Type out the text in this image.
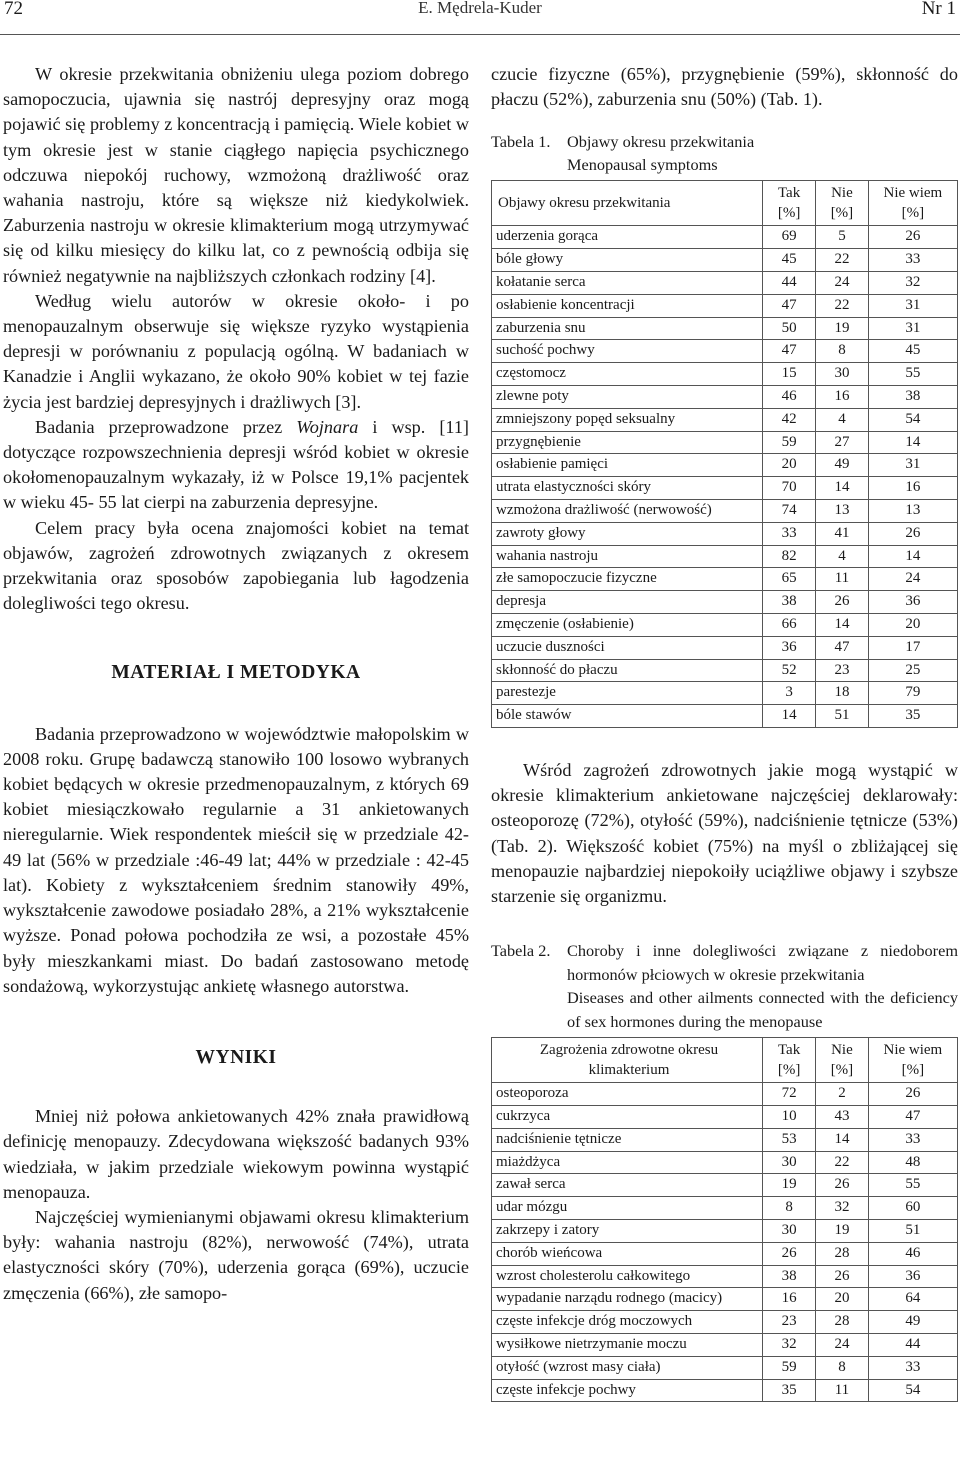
72	E. Mędrela-Kuder	Nr 1

W okresie przekwitania obniżeniu ulega poziom dobrego samopoczucia, ujawnia się nastrój depresyjny oraz mogą pojawić się problemy z koncentracją i pamięcią. Wiele kobiet w tym okresie jest w stanie ciągłego napięcia psychicznego odczuwa niepokój ruchowy, wzmożoną drażliwość oraz wahania nastroju, które są większe niż kiedykolwiek. Zaburzenia nastroju w okresie klimakterium mogą utrzymywać się od kilku miesięcy do kilku lat, co z pewnością odbija się również negatywnie na najbliższych członkach rodziny [4].

Według wielu autorów w okresie około- i po menopauzalnym obserwuje się większe ryzyko wystąpienia depresji w porównaniu z populacją ogólną. W badaniach w Kanadzie i Anglii wykazano, że około 90% kobiet w tej fazie życia jest bardziej depresyjnych i drażliwych [3].

Badania przeprowadzone przez Wojnara i wsp. [11] dotyczące rozpowszechnienia depresji wśród kobiet w okresie okołomenopauzalnym wykazały, iż w Polsce 19,1% pacjentek w wieku 45- 55 lat cierpi na zaburzenia depresyjne.

Celem pracy była ocena znajomości kobiet na temat objawów, zagrożeń zdrowotnych związanych z okresem przekwitania oraz sposobów zapobiegania lub łagodzenia dolegliwości tego okresu.

MATERIAŁ I METODYKA

Badania przeprowadzono w województwie małopolskim w 2008 roku. Grupę badawczą stanowiło 100 losowo wybranych kobiet będących w okresie przedmenopauzalnym, z których 69 kobiet miesiączkowało regularnie a 31 ankietowanych nieregularnie. Wiek respondentek mieścił się w przedziale 42- 49 lat (56% w przedziale :46-49 lat; 44% w przedziale : 42-45 lat). Kobiety z wykształceniem średnim stanowiły 49%, wykształcenie zawodowe posiadało 28%, a 21% wykształcenie wyższe. Ponad połowa pochodziła ze wsi, a pozostałe 45% były mieszkankami miast. Do badań zastosowano metodę sondażową, wykorzystując ankietę własnego autorstwa.

WYNIKI

Mniej niż połowa ankietowanych 42% znała prawidłową definicję menopauzy. Zdecydowana większość badanych 93% wiedziała, w jakim przedziale wiekowym powinna wystąpić menopauza.

Najczęściej wymienianymi objawami okresu klimakterium były: wahania nastroju (82%), nerwowość (74%), utrata elastyczności skóry (70%), uderzenia gorąca (69%), uczucie zmęczenia (66%), złe samopo-

czucie fizyczne (65%), przygnębienie (59%), skłonność do płaczu (52%), zaburzenia snu (50%) (Tab. 1).

Tabela 1. Objawy okresu przekwitania
Menopausal symptoms
Objawy okresu przekwitania	Tak [%]	Nie [%]	Nie wiem [%]
uderzenia gorąca	69	5	26
bóle głowy	45	22	33
kołatanie serca	44	24	32
osłabienie koncentracji	47	22	31
zaburzenia snu	50	19	31
suchość pochwy	47	8	45
częstomocz	15	30	55
zlewne poty	46	16	38
zmniejszony popęd seksualny	42	4	54
przygnębienie	59	27	14
osłabienie pamięci	20	49	31
utrata elastyczności skóry	70	14	16
wzmożona drażliwość (nerwowość)	74	13	13
zawroty głowy	33	41	26
wahania nastroju	82	4	14
złe samopoczucie fizyczne	65	11	24
depresja	38	26	36
zmęczenie (osłabienie)	66	14	20
uczucie duszności	36	47	17
skłonność do płaczu	52	23	25
parestezje	3	18	79
bóle stawów	14	51	35

Wśród zagrożeń zdrowotnych jakie mogą wystąpić w okresie klimakterium ankietowane najczęściej deklarowały: osteoporozę (72%), otyłość (59%), nadciśnienie tętnicze (53%) (Tab. 2). Większość kobiet (75%) na myśl o zbliżającej się menopauzie najbardziej niepokoiły uciążliwe objawy i szybsze starzenie się organizmu.

Tabela 2.	Choroby i inne dolegliwości związane z niedoborem hormonów płciowych w okresie przekwitania
Diseases and other ailments connected with the deficiency of sex hormones during the menopause
Zagrożenia zdrowotne okresu klimakterium	Tak [%]	Nie [%]	Nie wiem [%]
osteoporoza	72	2	26
cukrzyca	10	43	47
nadciśnienie tętnicze	53	14	33
miażdżyca	30	22	48
zawał serca	19	26	55
udar mózgu	8	32	60
zakrzepy i zatory	30	19	51
chorób wieńcowa	26	28	46
wzrost cholesterolu całkowitego	38	26	36
wypadanie narządu rodnego (macicy)	16	20	64
częste infekcje dróg moczowych	23	28	49
wysiłkowe nietrzymanie moczu	32	24	44
otyłość (wzrost masy ciała)	59	8	33
częste infekcje pochwy	35	11	54
